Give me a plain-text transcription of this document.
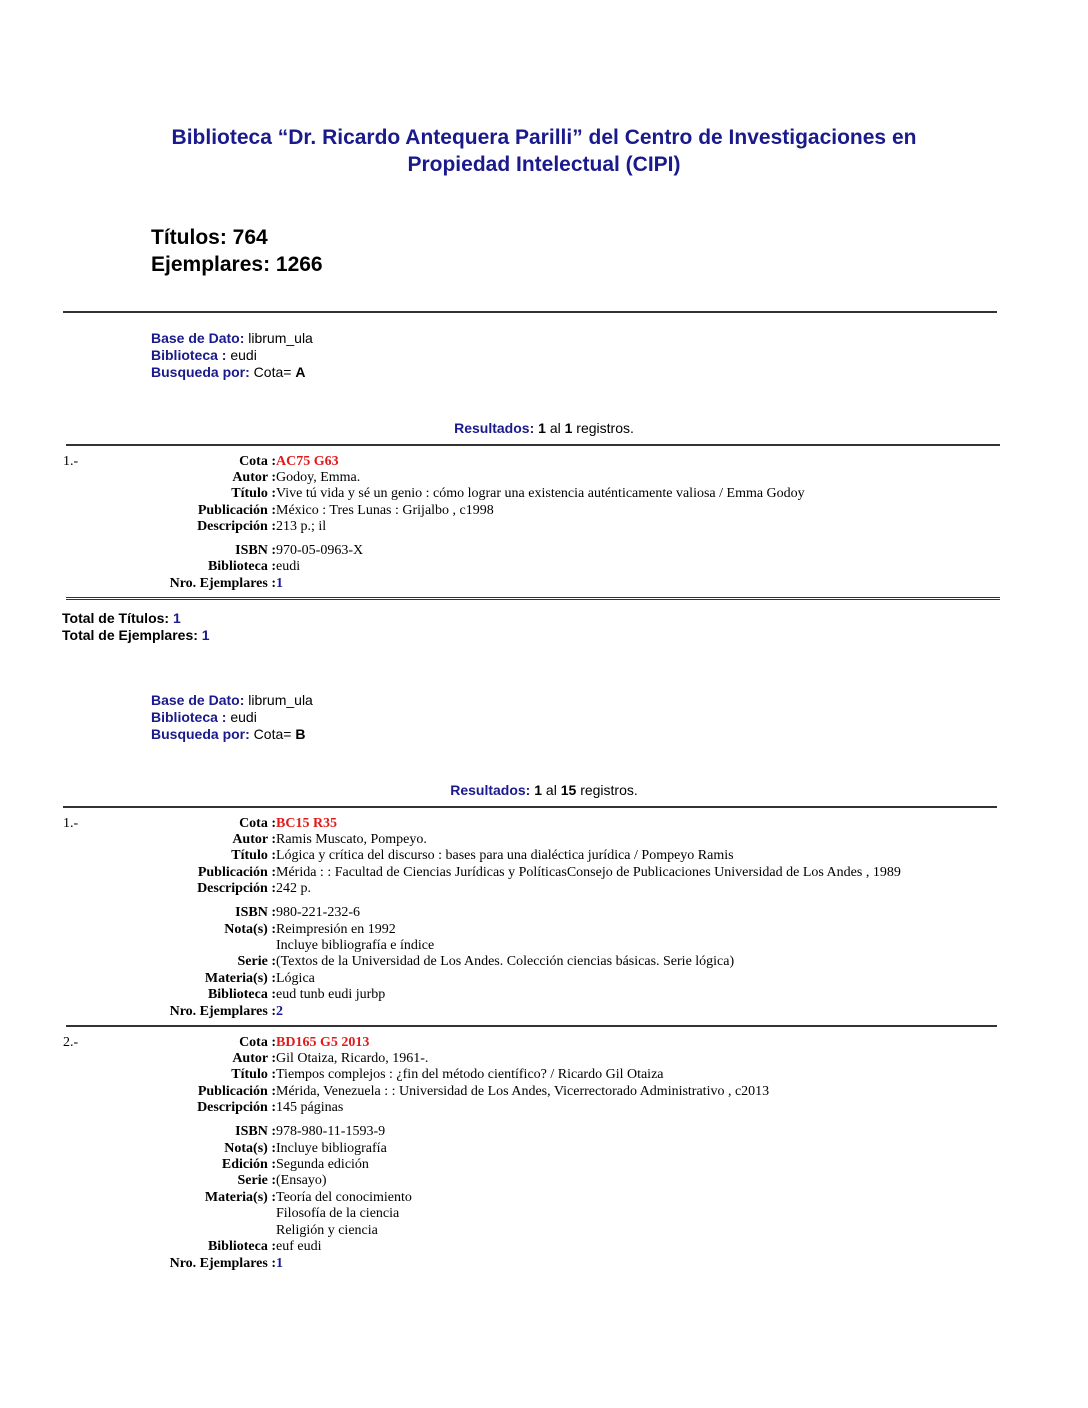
Biblioteca “Dr. Ricardo Antequera Parilli” del Centro de Investigaciones en
Propiedad Intelectual (CIPI)
Títulos: 764
Ejemplares: 1266
Base de Dato: librum_ula
Biblioteca : eudi
Busqueda por: Cota= A
Resultados: 1 al 1 registros.
1.-	Cota : AC75 G63
Autor : Godoy, Emma.
Título : Vive tú vida y sé un genio : cómo lograr una existencia auténticamente valiosa / Emma Godoy
Publicación : México : Tres Lunas : Grijalbo , c1998
Descripción : 213 p.; il
ISBN : 970-05-0963-X
Biblioteca : eudi
Nro. Ejemplares : 1
Total de Títulos: 1
Total de Ejemplares: 1
Base de Dato: librum_ula
Biblioteca : eudi
Busqueda por: Cota= B
Resultados: 1 al 15 registros.
1.-	Cota : BC15 R35
Autor : Ramis Muscato, Pompeyo.
Título : Lógica y crítica del discurso : bases para una dialéctica jurídica / Pompeyo Ramis
Publicación : Mérida : : Facultad de Ciencias Jurídicas y PolíticasConsejo de Publicaciones Universidad de Los Andes , 1989
Descripción : 242 p.
ISBN : 980-221-232-6
Nota(s) : Reimpresión en 1992
Incluye bibliografía e índice
Serie : (Textos de la Universidad de Los Andes. Colección ciencias básicas. Serie lógica)
Materia(s) : Lógica
Biblioteca : eud tunb eudi jurbp
Nro. Ejemplares : 2
2.-	Cota : BD165 G5 2013
Autor : Gil Otaiza, Ricardo, 1961-.
Título : Tiempos complejos : ¿fin del método científico? / Ricardo Gil Otaiza
Publicación : Mérida, Venezuela : : Universidad de Los Andes, Vicerrectorado Administrativo , c2013
Descripción : 145 páginas
ISBN : 978-980-11-1593-9
Nota(s) : Incluye bibliografía
Edición : Segunda edición
Serie : (Ensayo)
Materia(s) : Teoría del conocimiento
Filosofía de la ciencia
Religión y ciencia
Biblioteca : euf eudi
Nro. Ejemplares : 1
